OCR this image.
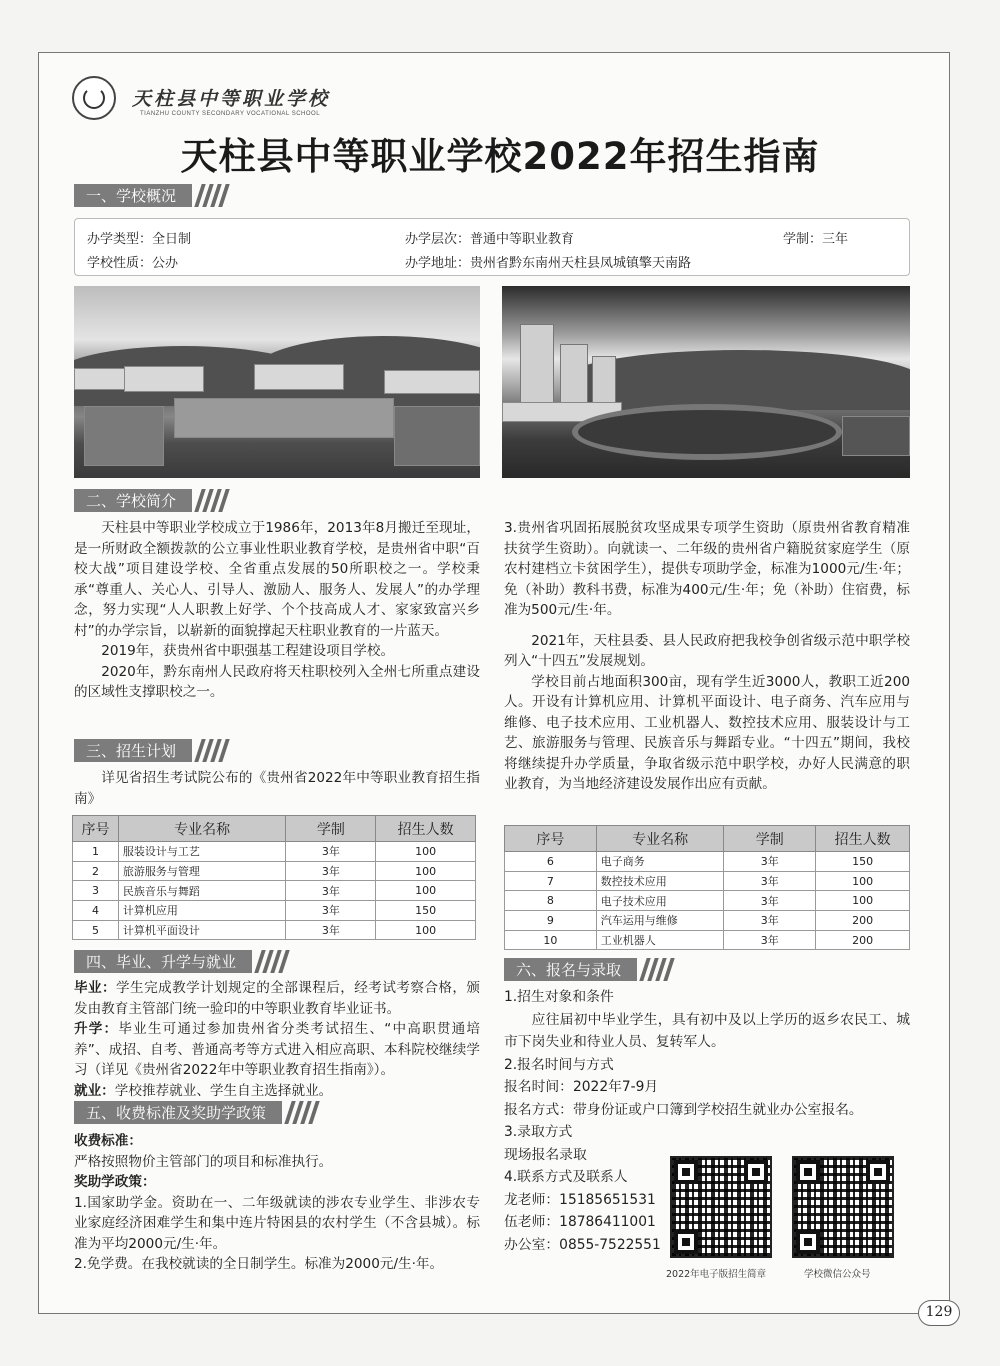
天柱县中等职业学校
TIANZHU COUNTY SECONDARY VOCATIONAL SCHOOL
天柱县中等职业学校2022年招生指南
一、学校概况
办学类型：全日制	办学层次：普通中等职业教育	学制：三年
学校性质：公办	办学地址：贵州省黔东南州天柱县凤城镇擎天南路
二、学校简介

天柱县中等职业学校成立于1986年，2013年8月搬迁至现址，是一所财政全额拨款的公立事业性职业教育学校，是贵州省中职“百校大战”项目建设学校、全省重点发展的50所职校之一。学校秉承“尊重人、关心人、引导人、激励人、服务人、发展人”的办学理念，努力实现“人人职教上好学、个个技高成人才、家家致富兴乡村”的办学宗旨，以崭新的面貌撑起天柱职业教育的一片蓝天。

2019年，获贵州省中职强基工程建设项目学校。

2020年，黔东南州人民政府将天柱职校列入全州七所重点建设的区域性支撑职校之一。

3.贵州省巩固拓展脱贫攻坚成果专项学生资助（原贵州省教育精准扶贫学生资助）。向就读一、二年级的贵州省户籍脱贫家庭学生（原农村建档立卡贫困学生），提供专项助学金，标准为1000元/生·年；免（补助）教科书费，标准为400元/生·年；免（补助）住宿费，标准为500元/生·年。

2021年，天柱县委、县人民政府把我校争创省级示范中职学校列入“十四五”发展规划。

学校目前占地面积300亩，现有学生近3000人，教职工近200人。开设有计算机应用、计算机平面设计、电子商务、汽车应用与维修、电子技术应用、工业机器人、数控技术应用、服装设计与工艺、旅游服务与管理、民族音乐与舞蹈专业。“十四五”期间，我校将继续提升办学质量，争取省级示范中职学校，办好人民满意的职业教育，为当地经济建设发展作出应有贡献。

三、招生计划

详见省招生考试院公布的《贵州省2022年中等职业教育招生指南》

序号	专业名称	学制	招生人数
1	服装设计与工艺	3年	100
2	旅游服务与管理	3年	100
3	民族音乐与舞蹈	3年	100
4	计算机应用	3年	150
5	计算机平面设计	3年	100
序号	专业名称	学制	招生人数
6	电子商务	3年	150
7	数控技术应用	3年	100
8	电子技术应用	3年	100
9	汽车运用与维修	3年	200
10	工业机器人	3年	200
四、毕业、升学与就业

毕业：学生完成教学计划规定的全部课程后，经考试考察合格，颁发由教育主管部门统一验印的中等职业教育毕业证书。

升学：毕业生可通过参加贵州省分类考试招生、“中高职贯通培养”、成招、自考、普通高考等方式进入相应高职、本科院校继续学习（详见《贵州省2022年中等职业教育招生指南》）。

就业：学校推荐就业、学生自主选择就业。

五、收费标准及奖助学政策

收费标准：

严格按照物价主管部门的项目和标准执行。

奖助学政策：

1.国家助学金。资助在一、二年级就读的涉农专业学生、非涉农专业家庭经济困难学生和集中连片特困县的农村学生（不含县城）。标准为平均2000元/生·年。

2.免学费。在我校就读的全日制学生。标准为2000元/生·年。

六、报名与录取

1.招生对象和条件

应往届初中毕业学生，具有初中及以上学历的返乡农民工、城市下岗失业和待业人员、复转军人。

2.报名时间与方式

报名时间：2022年7-9月

报名方式：带身份证或户口簿到学校招生就业办公室报名。

3.录取方式

现场报名录取

4.联系方式及联系人

龙老师：15185651531

伍老师：18786411001

办公室：0855-7522551

2022年电子版招生简章	学校微信公众号
129
